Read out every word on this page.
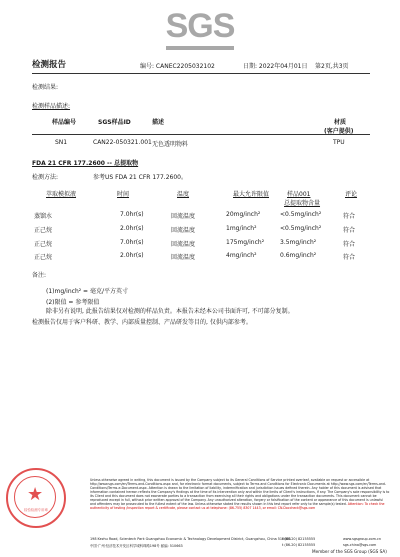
SGS
检测报告	编号: CANEC2205032102	日期: 2022年04月01日 第2页,共3页
检测结果:
检测样品描述:
样品编号	SGS样品ID	描述	材质
(客户提供)
SN1	CAN22-050321.001 无色透明物料	TPU
FDA 21 CFR 177.2600 -- 总提取物
检测方法:	参考US FDA 21 CFR 177.2600。
萃取模拟液	时间	温度	最大允许限值	样品001	评论
总提取物含量
蒸馏水	7.0hr(s)	回流温度	20mg/inch²	<0.5mg/inch²	符合
正己烷	2.0hr(s)	回流温度	1mg/inch²	<0.5mg/inch²	符合
正己烷	7.0hr(s)	回流温度	175mg/inch²	3.5mg/inch²	符合
正己烷	2.0hr(s)	回流温度	4mg/inch²	0.6mg/inch²	符合
备注:
(1)mg/inch² = 毫克/平方英寸
(2)限值 = 参考限值
除非另有说明, 此报告结果仅对检测的样品负责。本报告未经本公司书面许可, 不可部分复制。
检测报告仅用于客户科研、教学、内部质量控制、产品研发等目的, 仅供内部参考。
★
检验检测专用章
Unless otherwise agreed in writing, this document is issued by the Company subject to its General Conditions of Service printed overleaf, available on request or accessible at http://www.sgs.com/en/Terms-and-Conditions.aspx and, for electronic format documents, subject to Terms and Conditions for Electronic Documents at http://www.sgs.com/en/Terms-and-Conditions/Terms-e-Document.aspx. Attention is drawn to the limitation of liability, indemnification and jurisdiction issues defined therein. Any holder of this document is advised that information contained hereon reflects the Company's findings at the time of its intervention only and within the limits of Client's instructions, if any. The Company's sole responsibility is to its Client and this document does not exonerate parties to a transaction from exercising all their rights and obligations under the transaction documents. This document cannot be reproduced except in full, without prior written approval of the Company. Any unauthorized alteration, forgery or falsification of the content or appearance of this document is unlawful and offenders may be prosecuted to the fullest extent of the law. Unless otherwise stated the results shown in this test report refer only to the sample(s) tested. Attention: To check the authenticity of testing /inspection report & certificate, please contact us at telephone: (86-755) 8307 1443, or email: CN.Doccheck@sgs.com
198 Kezhu Road, Scientech Park Guangzhou Economic & Technology Development District, Guangzhou, China 510663
中国·广州·经济技术开发区科学城科珠路198号 邮编: 510663
t (86-20) 82155555
t (86-20) 82155555
www.sgsgroup.com.cn
sgs.china@sgs.com
Member of the SGS Group (SGS SA)
